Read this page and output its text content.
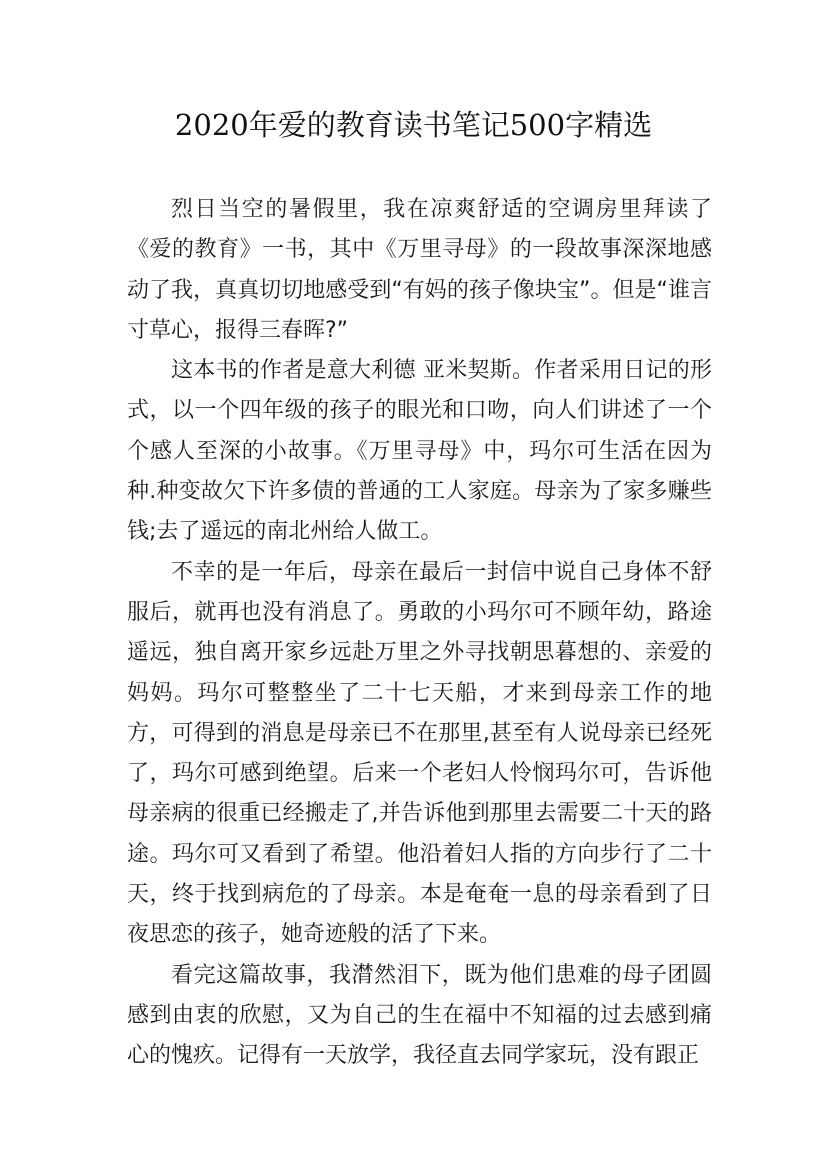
2020年爱的教育读书笔记500字精选

烈日当空的暑假里，我在凉爽舒适的空调房里拜读了《爱的教育》一书，其中《万里寻母》的一段故事深深地感动了我，真真切切地感受到“有妈的孩子像块宝”。但是“谁言寸草心，报得三春晖?”

这本书的作者是意大利德 亚米契斯。作者采用日记的形式，以一个四年级的孩子的眼光和口吻，向人们讲述了一个个感人至深的小故事。《万里寻母》中，玛尔可生活在因为种.种变故欠下许多债的普通的工人家庭。母亲为了家多赚些钱;去了遥远的南北州给人做工。

不幸的是一年后，母亲在最后一封信中说自己身体不舒服后，就再也没有消息了。勇敢的小玛尔可不顾年幼，路途遥远，独自离开家乡远赴万里之外寻找朝思暮想的、亲爱的妈妈。玛尔可整整坐了二十七天船，才来到母亲工作的地方，可得到的消息是母亲已不在那里,甚至有人说母亲已经死了，玛尔可感到绝望。后来一个老妇人怜悯玛尔可，告诉他母亲病的很重已经搬走了,并告诉他到那里去需要二十天的路途。玛尔可又看到了希望。他沿着妇人指的方向步行了二十天，终于找到病危的了母亲。本是奄奄一息的母亲看到了日夜思恋的孩子，她奇迹般的活了下来。

看完这篇故事，我潸然泪下，既为他们患难的母子团圆感到由衷的欣慰，又为自己的生在福中不知福的过去感到痛心的愧疚。记得有一天放学，我径直去同学家玩，没有跟正
